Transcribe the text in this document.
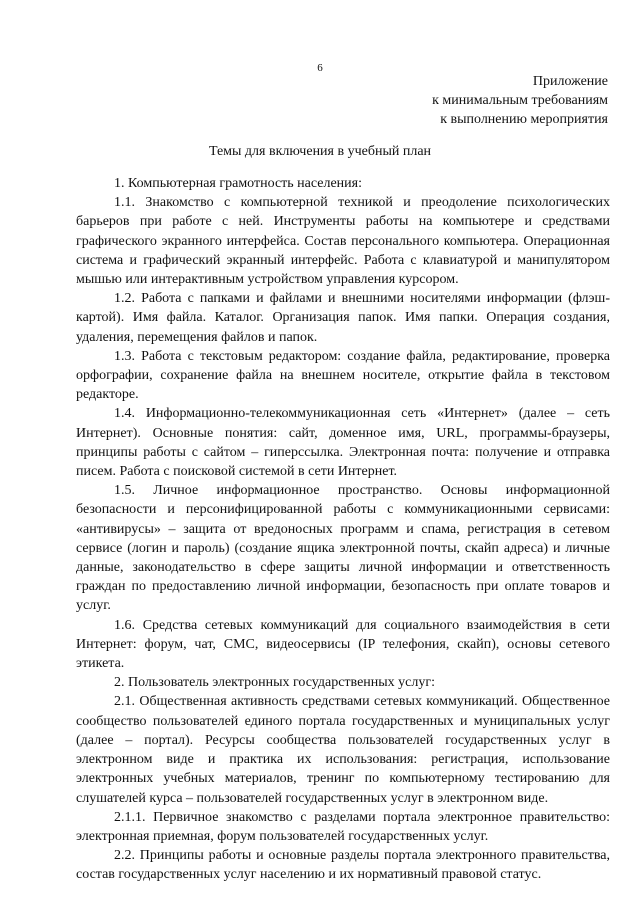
6
Приложение
к минимальным требованиям
к выполнению мероприятия
Темы для включения в учебный план

1. Компьютерная грамотность населения:

1.1. Знакомство с компьютерной техникой и преодоление психологических барьеров при работе с ней. Инструменты работы на компьютере и средствами графического экранного интерфейса. Состав персонального компьютера. Операционная система и графический экранный интерфейс. Работа с клавиатурой и манипулятором мышью или интерактивным устройством управления курсором.

1.2. Работа с папками и файлами и внешними носителями информации (флэш-картой). Имя файла. Каталог. Организация папок. Имя папки. Операция создания, удаления, перемещения файлов и папок.

1.3. Работа с текстовым редактором: создание файла, редактирование, проверка орфографии, сохранение файла на внешнем носителе, открытие файла в текстовом редакторе.

1.4. Информационно-телекоммуникационная сеть «Интернет» (далее – сеть Интернет). Основные понятия: сайт, доменное имя, URL, программы-браузеры, принципы работы с сайтом – гиперссылка. Электронная почта: получение и отправка писем. Работа с поисковой системой в сети Интернет.

1.5. Личное информационное пространство. Основы информационной безопасности и персонифицированной работы с коммуникационными сервисами: «антивирусы» – защита от вредоносных программ и спама, регистрация в сетевом сервисе (логин и пароль) (создание ящика электронной почты, скайп адреса) и личные данные, законодательство в сфере защиты личной информации и ответственность граждан по предоставлению личной информации, безопасность при оплате товаров и услуг.

1.6. Средства сетевых коммуникаций для социального взаимодействия в сети Интернет: форум, чат, СМС, видеосервисы (IP телефония, скайп), основы сетевого этикета.

2. Пользователь электронных государственных услуг:

2.1. Общественная активность средствами сетевых коммуникаций. Общественное сообщество пользователей единого портала государственных и муниципальных услуг (далее – портал). Ресурсы сообщества пользователей государственных услуг в электронном виде и практика их использования: регистрация, использование электронных учебных материалов, тренинг по компьютерному тестированию для слушателей курса – пользователей государственных услуг в электронном виде.

2.1.1. Первичное знакомство с разделами портала электронное правительство: электронная приемная, форум пользователей государственных услуг.

2.2. Принципы работы и основные разделы портала электронного правительства, состав государственных услуг населению и их нормативный правовой статус.
